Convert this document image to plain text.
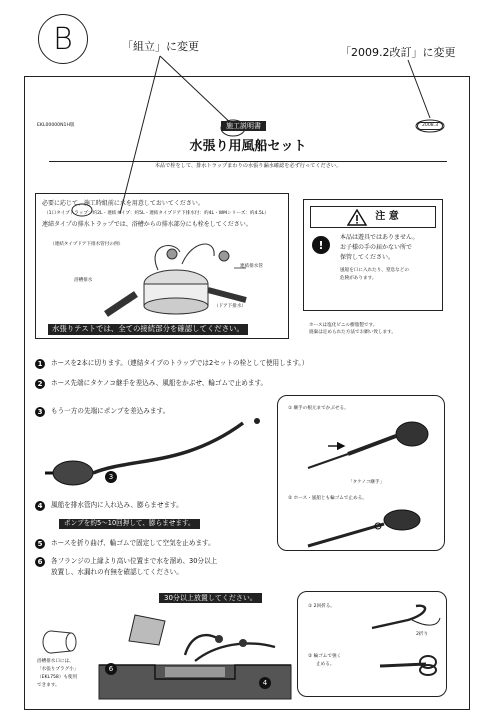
B	「組立」に変更	「2009.2改訂」に変更
EKL00000N1H版	施工説明書	2008.3
水張り用風船セット
本品で栓をして、排水トラップまわりの水張り漏水確認を必ず行ってください。
必要に応じて、施工時組前に水を用意しておいてください。
（1口タイプトラップ：約2L・連結タイプ：約5L・連結タイプドア下排水付：約4L・WMシリーズ：約4.5L）
連結タイプの排水トラップでは、浴槽からの排水部分にも栓をしてください。
（連結タイプドア下排水管付の例）
連結排水管
浴槽排水
（ドア下排水）
水張りテストでは、全ての接続部分を確認してください。
注 意
!
本品は遊具ではありません。
お子様の手の届かない所で
保管してください。
風船を口に入れたり、窒息などの
危険があります。
ホースは塩化ビニル樹脂製です。
廃棄は定められた方法でお願い致します。
1	ホースを2本に切ります。（連結タイプのトラップでは2セットの栓として使用します。）
2	ホース先端にタケノコ継手を差込み、風船をかぶせ、輪ゴムで止めます。
3	もう一方の先端にポンプを差込みます。
3
① 継手の根元までかぶせる。
「タケノコ継手」
② ホース・風船とも輪ゴムで止める。
4	風船を排水管内に入れ込み、膨らませます。
ポンプを約5〜10回押して、膨らませます。
5	ホースを折り曲げ、輪ゴムで固定して空気を止めます。
6	各フランジの上縁より高い位置まで水を溜め、30分以上
放置し、水漏れの有無を確認してください。
30分以上放置してください。
浴槽排水口には、
「水張りプラグ小」
（EKL758）も使用
できます。
6
4
① 2回折る。
2折り
② 輪ゴムで強く
止める。
